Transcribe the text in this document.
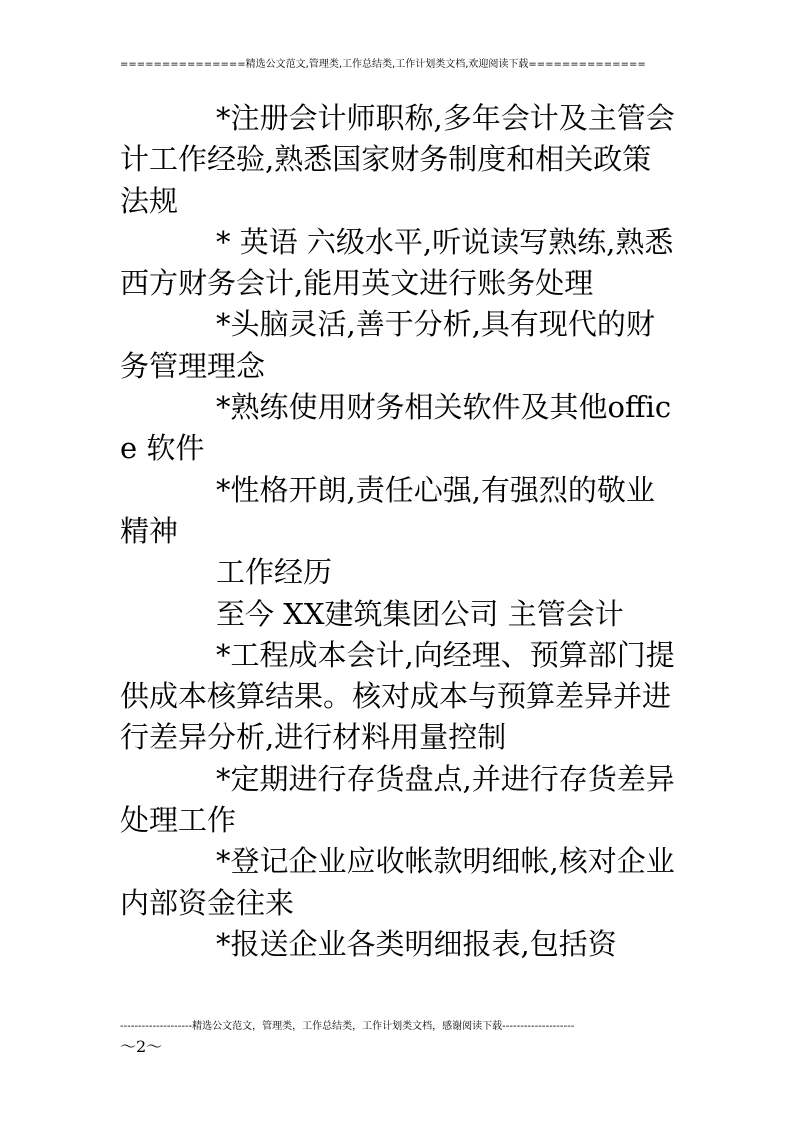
===============精选公文范文,管理类,工作总结类,工作计划类文档,欢迎阅读下载==============

*注册会计师职称,多年会计及主管会计工作经验,熟悉国家财务制度和相关政策法规

* 英语 六级水平,听说读写熟练,熟悉西方财务会计,能用英文进行账务处理

*头脑灵活,善于分析,具有现代的财务管理理念

*熟练使用财务相关软件及其他office 软件

*性格开朗,责任心强,有强烈的敬业精神

工作经历

至今 XX建筑集团公司 主管会计

*工程成本会计,向经理、预算部门提供成本核算结果。核对成本与预算差异并进行差异分析,进行材料用量控制

*定期进行存货盘点,并进行存货差异处理工作

*登记企业应收帐款明细帐,核对企业内部资金往来

*报送企业各类明细报表,包括资

--------------------精选公文范文，管理类，工作总结类，工作计划类文档，感谢阅读下载--------------------
～2～
